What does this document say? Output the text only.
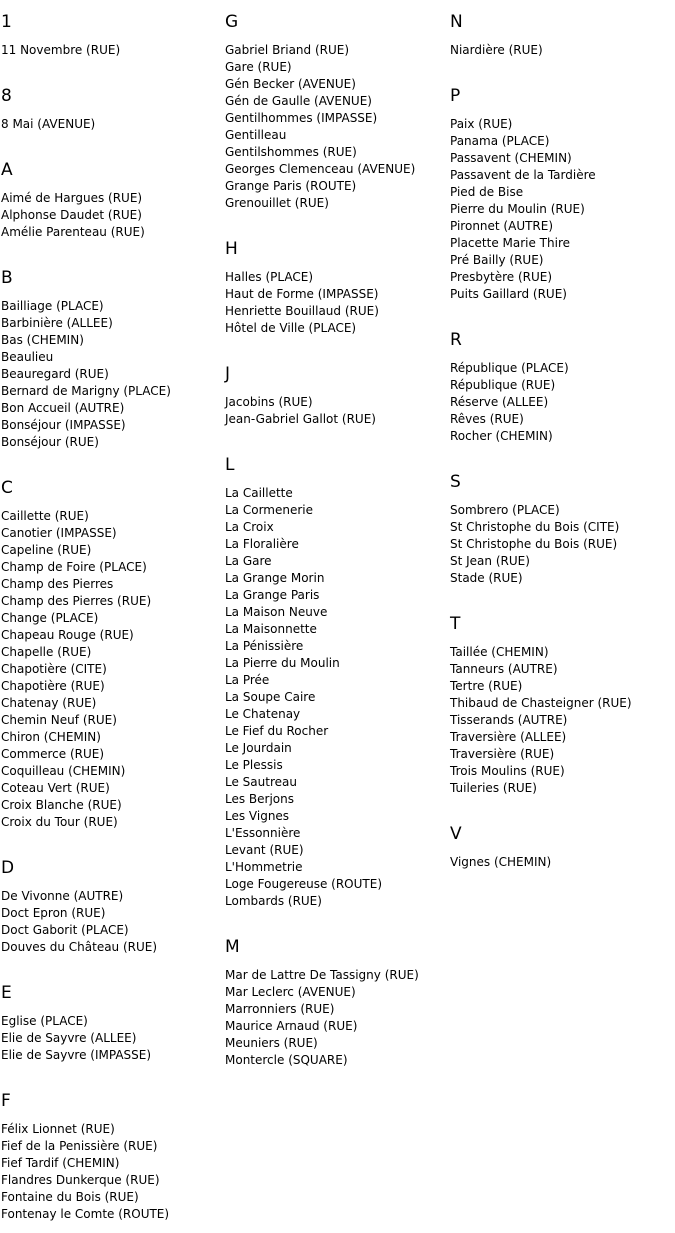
1
11 Novembre (RUE)
8
8 Mai (AVENUE)
A
Aimé de Hargues (RUE)
Alphonse Daudet (RUE)
Amélie Parenteau (RUE)
B
Bailliage (PLACE)
Barbinière (ALLEE)
Bas (CHEMIN)
Beaulieu
Beauregard (RUE)
Bernard de Marigny (PLACE)
Bon Accueil (AUTRE)
Bonséjour (IMPASSE)
Bonséjour (RUE)
C
Caillette (RUE)
Canotier (IMPASSE)
Capeline (RUE)
Champ de Foire (PLACE)
Champ des Pierres
Champ des Pierres (RUE)
Change (PLACE)
Chapeau Rouge (RUE)
Chapelle (RUE)
Chapotière (CITE)
Chapotière (RUE)
Chatenay (RUE)
Chemin Neuf (RUE)
Chiron (CHEMIN)
Commerce (RUE)
Coquilleau (CHEMIN)
Coteau Vert (RUE)
Croix Blanche (RUE)
Croix du Tour (RUE)
D
De Vivonne (AUTRE)
Doct Epron (RUE)
Doct Gaborit (PLACE)
Douves du Château (RUE)
E
Eglise (PLACE)
Elie de Sayvre (ALLEE)
Elie de Sayvre (IMPASSE)
F
Félix Lionnet (RUE)
Fief de la Penissière (RUE)
Fief Tardif (CHEMIN)
Flandres Dunkerque (RUE)
Fontaine du Bois (RUE)
Fontenay le Comte (ROUTE)
G
Gabriel Briand (RUE)
Gare (RUE)
Gén Becker (AVENUE)
Gén de Gaulle (AVENUE)
Gentilhommes (IMPASSE)
Gentilleau
Gentilshommes (RUE)
Georges Clemenceau (AVENUE)
Grange Paris (ROUTE)
Grenouillet (RUE)
H
Halles (PLACE)
Haut de Forme (IMPASSE)
Henriette Bouillaud (RUE)
Hôtel de Ville (PLACE)
J
Jacobins (RUE)
Jean-Gabriel Gallot (RUE)
L
La Caillette
La Cormenerie
La Croix
La Floralière
La Gare
La Grange Morin
La Grange Paris
La Maison Neuve
La Maisonnette
La Pénissière
La Pierre du Moulin
La Prée
La Soupe Caire
Le Chatenay
Le Fief du Rocher
Le Jourdain
Le Plessis
Le Sautreau
Les Berjons
Les Vignes
L'Essonnière
Levant (RUE)
L'Hommetrie
Loge Fougereuse (ROUTE)
Lombards (RUE)
M
Mar de Lattre De Tassigny (RUE)
Mar Leclerc (AVENUE)
Marronniers (RUE)
Maurice Arnaud (RUE)
Meuniers (RUE)
Montercle (SQUARE)
N
Niardière (RUE)
P
Paix (RUE)
Panama (PLACE)
Passavent (CHEMIN)
Passavent de la Tardière
Pied de Bise
Pierre du Moulin (RUE)
Pironnet (AUTRE)
Placette Marie Thire
Pré Bailly (RUE)
Presbytère (RUE)
Puits Gaillard (RUE)
R
République (PLACE)
République (RUE)
Réserve (ALLEE)
Rêves (RUE)
Rocher (CHEMIN)
S
Sombrero (PLACE)
St Christophe du Bois (CITE)
St Christophe du Bois (RUE)
St Jean (RUE)
Stade (RUE)
T
Taillée (CHEMIN)
Tanneurs (AUTRE)
Tertre (RUE)
Thibaud de Chasteigner (RUE)
Tisserands (AUTRE)
Traversière (ALLEE)
Traversière (RUE)
Trois Moulins (RUE)
Tuileries (RUE)
V
Vignes (CHEMIN)
